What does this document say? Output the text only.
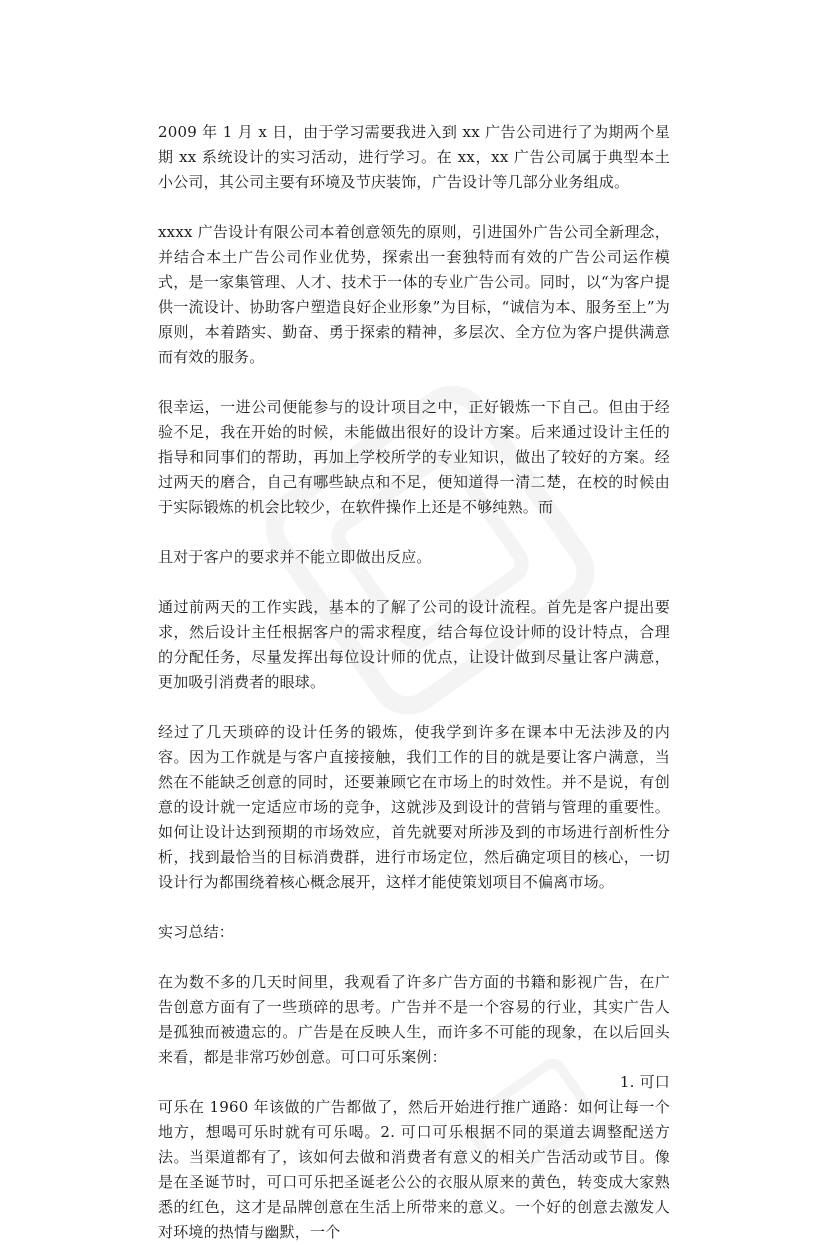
2009 年 1 月 x 日，由于学习需要我进入到 xx 广告公司进行了为期两个星期 xx 系统设计的实习活动，进行学习。在 xx，xx 广告公司属于典型本土小公司，其公司主要有环境及节庆装饰，广告设计等几部分业务组成。

xxxx 广告设计有限公司本着创意领先的原则，引进国外广告公司全新理念，并结合本土广告公司作业优势，探索出一套独特而有效的广告公司运作模式，是一家集管理、人才、技术于一体的专业广告公司。同时，以“为客户提供一流设计、协助客户塑造良好企业形象”为目标，“诚信为本、服务至上”为原则，本着踏实、勤奋、勇于探索的精神，多层次、全方位为客户提供满意而有效的服务。

很幸运，一进公司便能参与的设计项目之中，正好锻炼一下自己。但由于经验不足，我在开始的时候，未能做出很好的设计方案。后来通过设计主任的指导和同事们的帮助，再加上学校所学的专业知识，做出了较好的方案。经过两天的磨合，自己有哪些缺点和不足，便知道得一清二楚，在校的时候由于实际锻炼的机会比较少，在软件操作上还是不够纯熟。而

且对于客户的要求并不能立即做出反应。

通过前两天的工作实践，基本的了解了公司的设计流程。首先是客户提出要求，然后设计主任根据客户的需求程度，结合每位设计师的设计特点，合理的分配任务，尽量发挥出每位设计师的优点，让设计做到尽量让客户满意，更加吸引消费者的眼球。

经过了几天琐碎的设计任务的锻炼，使我学到许多在课本中无法涉及的内容。因为工作就是与客户直接接触，我们工作的目的就是要让客户满意，当然在不能缺乏创意的同时，还要兼顾它在市场上的时效性。并不是说，有创意的设计就一定适应市场的竞争，这就涉及到设计的营销与管理的重要性。如何让设计达到预期的市场效应，首先就要对所涉及到的市场进行剖析性分析，找到最恰当的目标消费群，进行市场定位，然后确定项目的核心，一切设计行为都围绕着核心概念展开，这样才能使策划项目不偏离市场。

实习总结：

在为数不多的几天时间里，我观看了许多广告方面的书籍和影视广告，在广告创意方面有了一些琐碎的思考。广告并不是一个容易的行业，其实广告人是孤独而被遗忘的。广告是在反映人生，而许多不可能的现象，在以后回头来看，都是非常巧妙创意。可口可乐案例：

1. 可口

可乐在 1960 年该做的广告都做了，然后开始进行推广通路：如何让每一个地方，想喝可乐时就有可乐喝。2. 可口可乐根据不同的渠道去调整配送方法。当渠道都有了，该如何去做和消费者有意义的相关广告活动或节目。像是在圣诞节时，可口可乐把圣诞老公公的衣服从原来的黄色，转变成大家熟悉的红色，这才是品牌创意在生活上所带来的意义。一个好的创意去激发人对环境的热情与幽默，一个
